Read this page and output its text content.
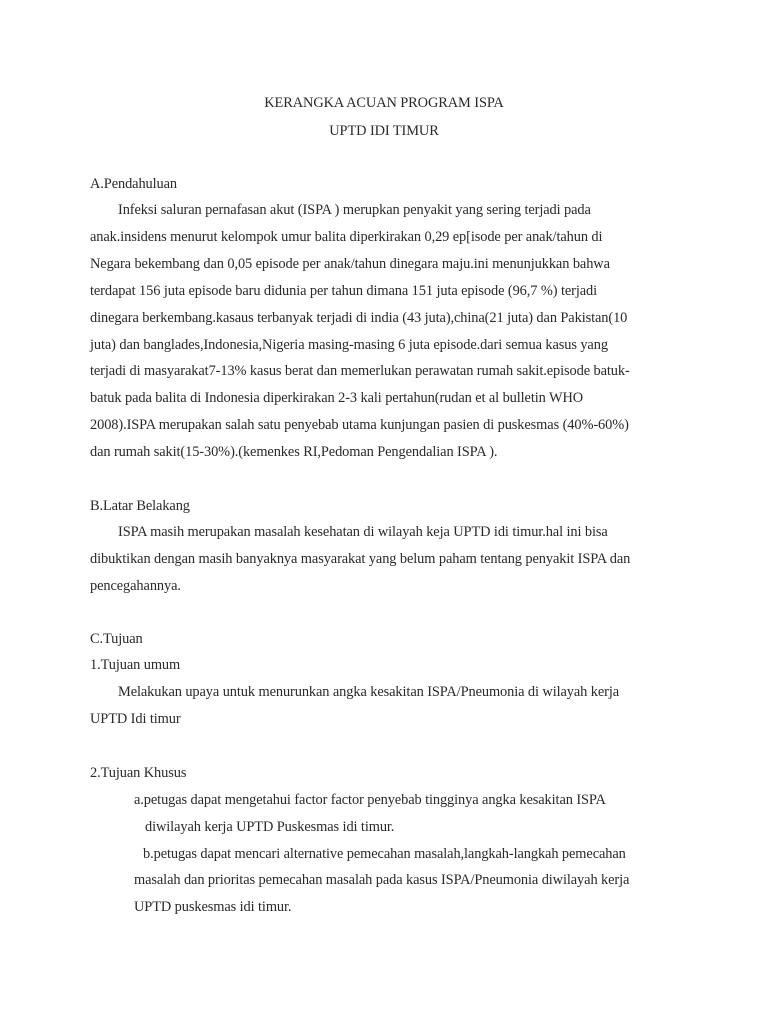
KERANGKA ACUAN PROGRAM ISPA
UPTD IDI TIMUR
A.Pendahuluan
Infeksi saluran pernafasan akut (ISPA ) merupkan penyakit yang sering terjadi pada
anak.insidens menurut kelompok umur balita diperkirakan 0,29 ep[isode per anak/tahun di
Negara bekembang dan 0,05 episode per anak/tahun dinegara maju.ini menunjukkan bahwa
terdapat 156 juta episode baru didunia per tahun dimana 151 juta episode (96,7 %) terjadi
dinegara berkembang.kasaus terbanyak terjadi di india (43 juta),china(21 juta) dan Pakistan(10
juta) dan banglades,Indonesia,Nigeria masing-masing 6 juta episode.dari semua kasus yang
terjadi di masyarakat7-13% kasus berat dan memerlukan perawatan rumah sakit.episode batuk-
batuk pada balita di Indonesia diperkirakan 2-3 kali pertahun(rudan et al bulletin WHO
2008).ISPA merupakan salah satu penyebab utama kunjungan pasien di puskesmas (40%-60%)
dan rumah sakit(15-30%).(kemenkes RI,Pedoman Pengendalian ISPA ).
B.Latar Belakang
ISPA masih merupakan masalah kesehatan di wilayah keja UPTD idi timur.hal ini bisa
dibuktikan dengan masih banyaknya masyarakat yang belum paham tentang penyakit ISPA dan
pencegahannya.
C.Tujuan
1.Tujuan umum
Melakukan upaya untuk menurunkan angka kesakitan ISPA/Pneumonia di wilayah kerja
UPTD Idi timur
2.Tujuan Khusus
a.petugas dapat mengetahui factor factor penyebab tingginya angka kesakitan ISPA
diwilayah kerja UPTD Puskesmas idi timur.
b.petugas dapat mencari alternative pemecahan masalah,langkah-langkah pemecahan
masalah dan prioritas pemecahan masalah pada kasus ISPA/Pneumonia diwilayah kerja
UPTD puskesmas idi timur.
